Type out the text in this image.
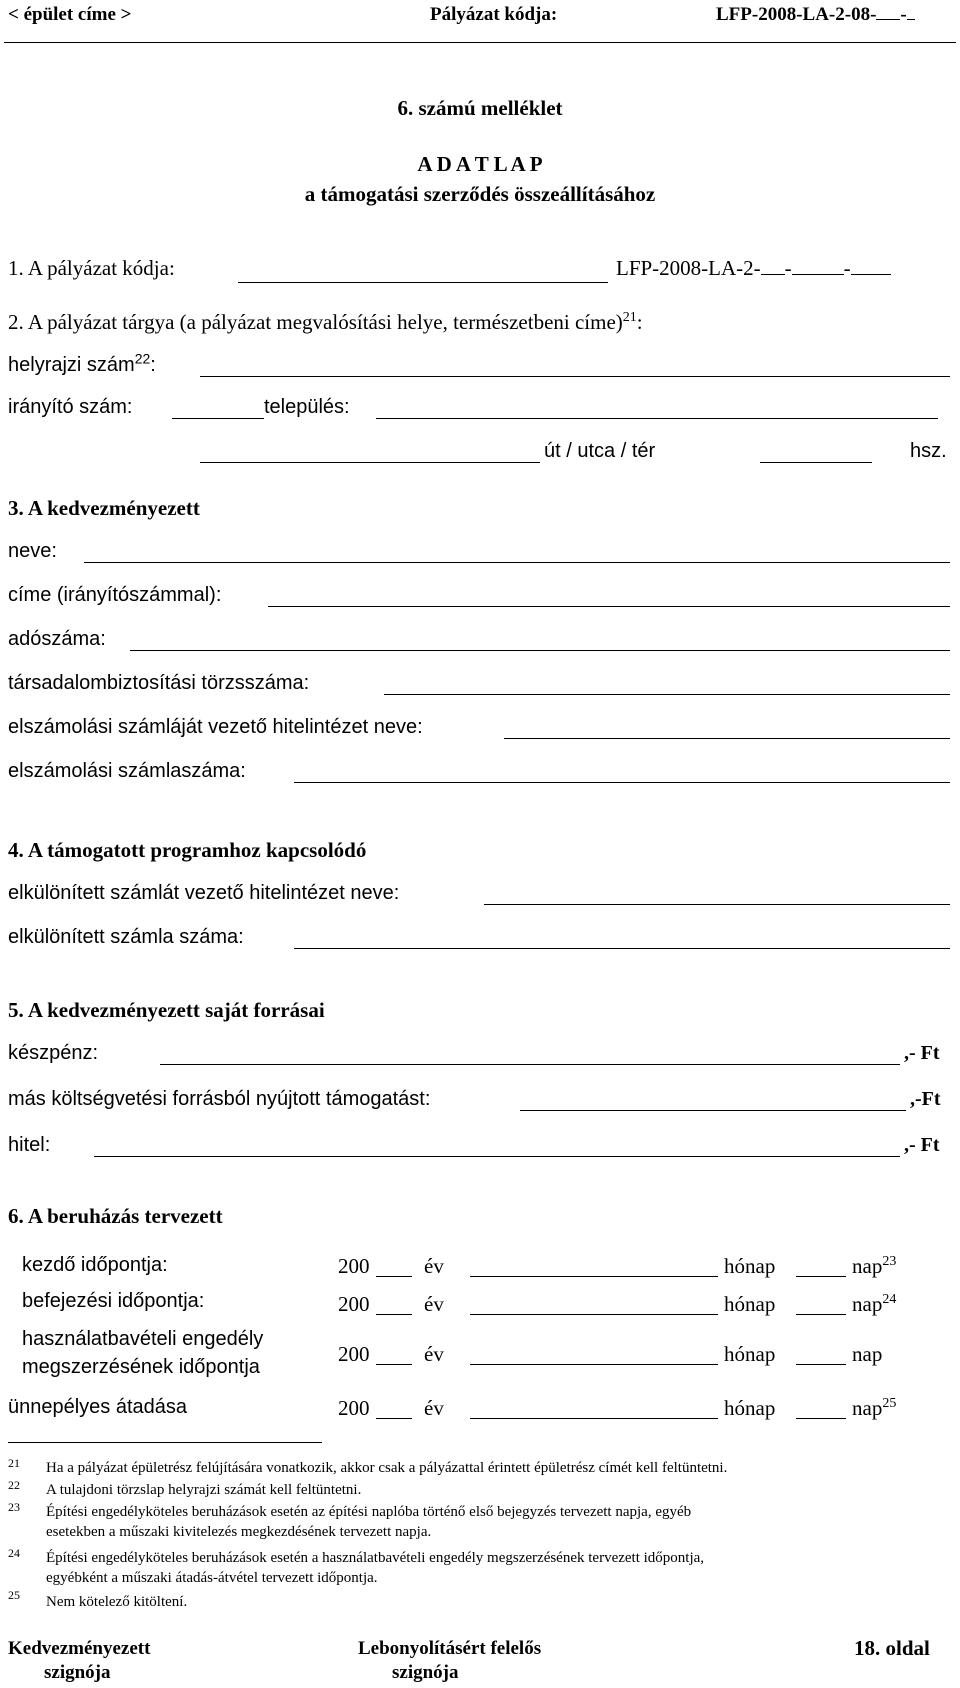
< épület címe >	Pályázat kódja:	LFP-2008-LA-2-08- -
6. számú melléklet
A D A T L A P
a támogatási szerződés összeállításához
1. A pályázat kódja:	LFP-2008-LA-2- - -
2. A pályázat tárgya (a pályázat megvalósítási helye, természetbeni címe)$^{21}$:
helyrajzi szám$^{22}$:
irányító szám:	település:
út / utca / tér	hsz.
3. A kedvezményezett
neve:
címe (irányítószámmal):
adószáma:
társadalombiztosítási törzsszáma:
elszámolási számláját vezető hitelintézet neve:
elszámolási számlaszáma:
4. A támogatott programhoz kapcsolódó
elkülönített számlát vezető hitelintézet neve:
elkülönített számla száma:
5. A kedvezményezett saját forrásai
készpénz:	,- Ft
más költségvetési forrásból nyújtott támogatást:	,-Ft
hitel:	,- Ft
6. A beruházás tervezett
kezdő időpontja:	200	év	hónap	nap$^{23}$
befejezési időpontja:	200	év	hónap	nap$^{24}$
használatbavételi engedély
megszerzésének időpontja
200	év	hónap	nap
ünnepélyes átadása	200	év	hónap	nap$^{25}$
21 Ha a pályázat épületrész felújítására vonatkozik, akkor csak a pályázattal érintett épületrész címét kell feltüntetni.
22 A tulajdoni törzslap helyrajzi számát kell feltüntetni.
23 Építési engedélyköteles beruházások esetén az építési naplóba történő első bejegyzés tervezett napja, egyéb
esetekben a műszaki kivitelezés megkezdésének tervezett napja.
24 Építési engedélyköteles beruházások esetén a használatbavételi engedély megszerzésének tervezett időpontja,
egyébként a műszaki átadás-átvétel tervezett időpontja.
25 Nem kötelező kitöltení.
Kedvezményezett
szignója
Lebonyolításért felelős
szignója
18. oldal
